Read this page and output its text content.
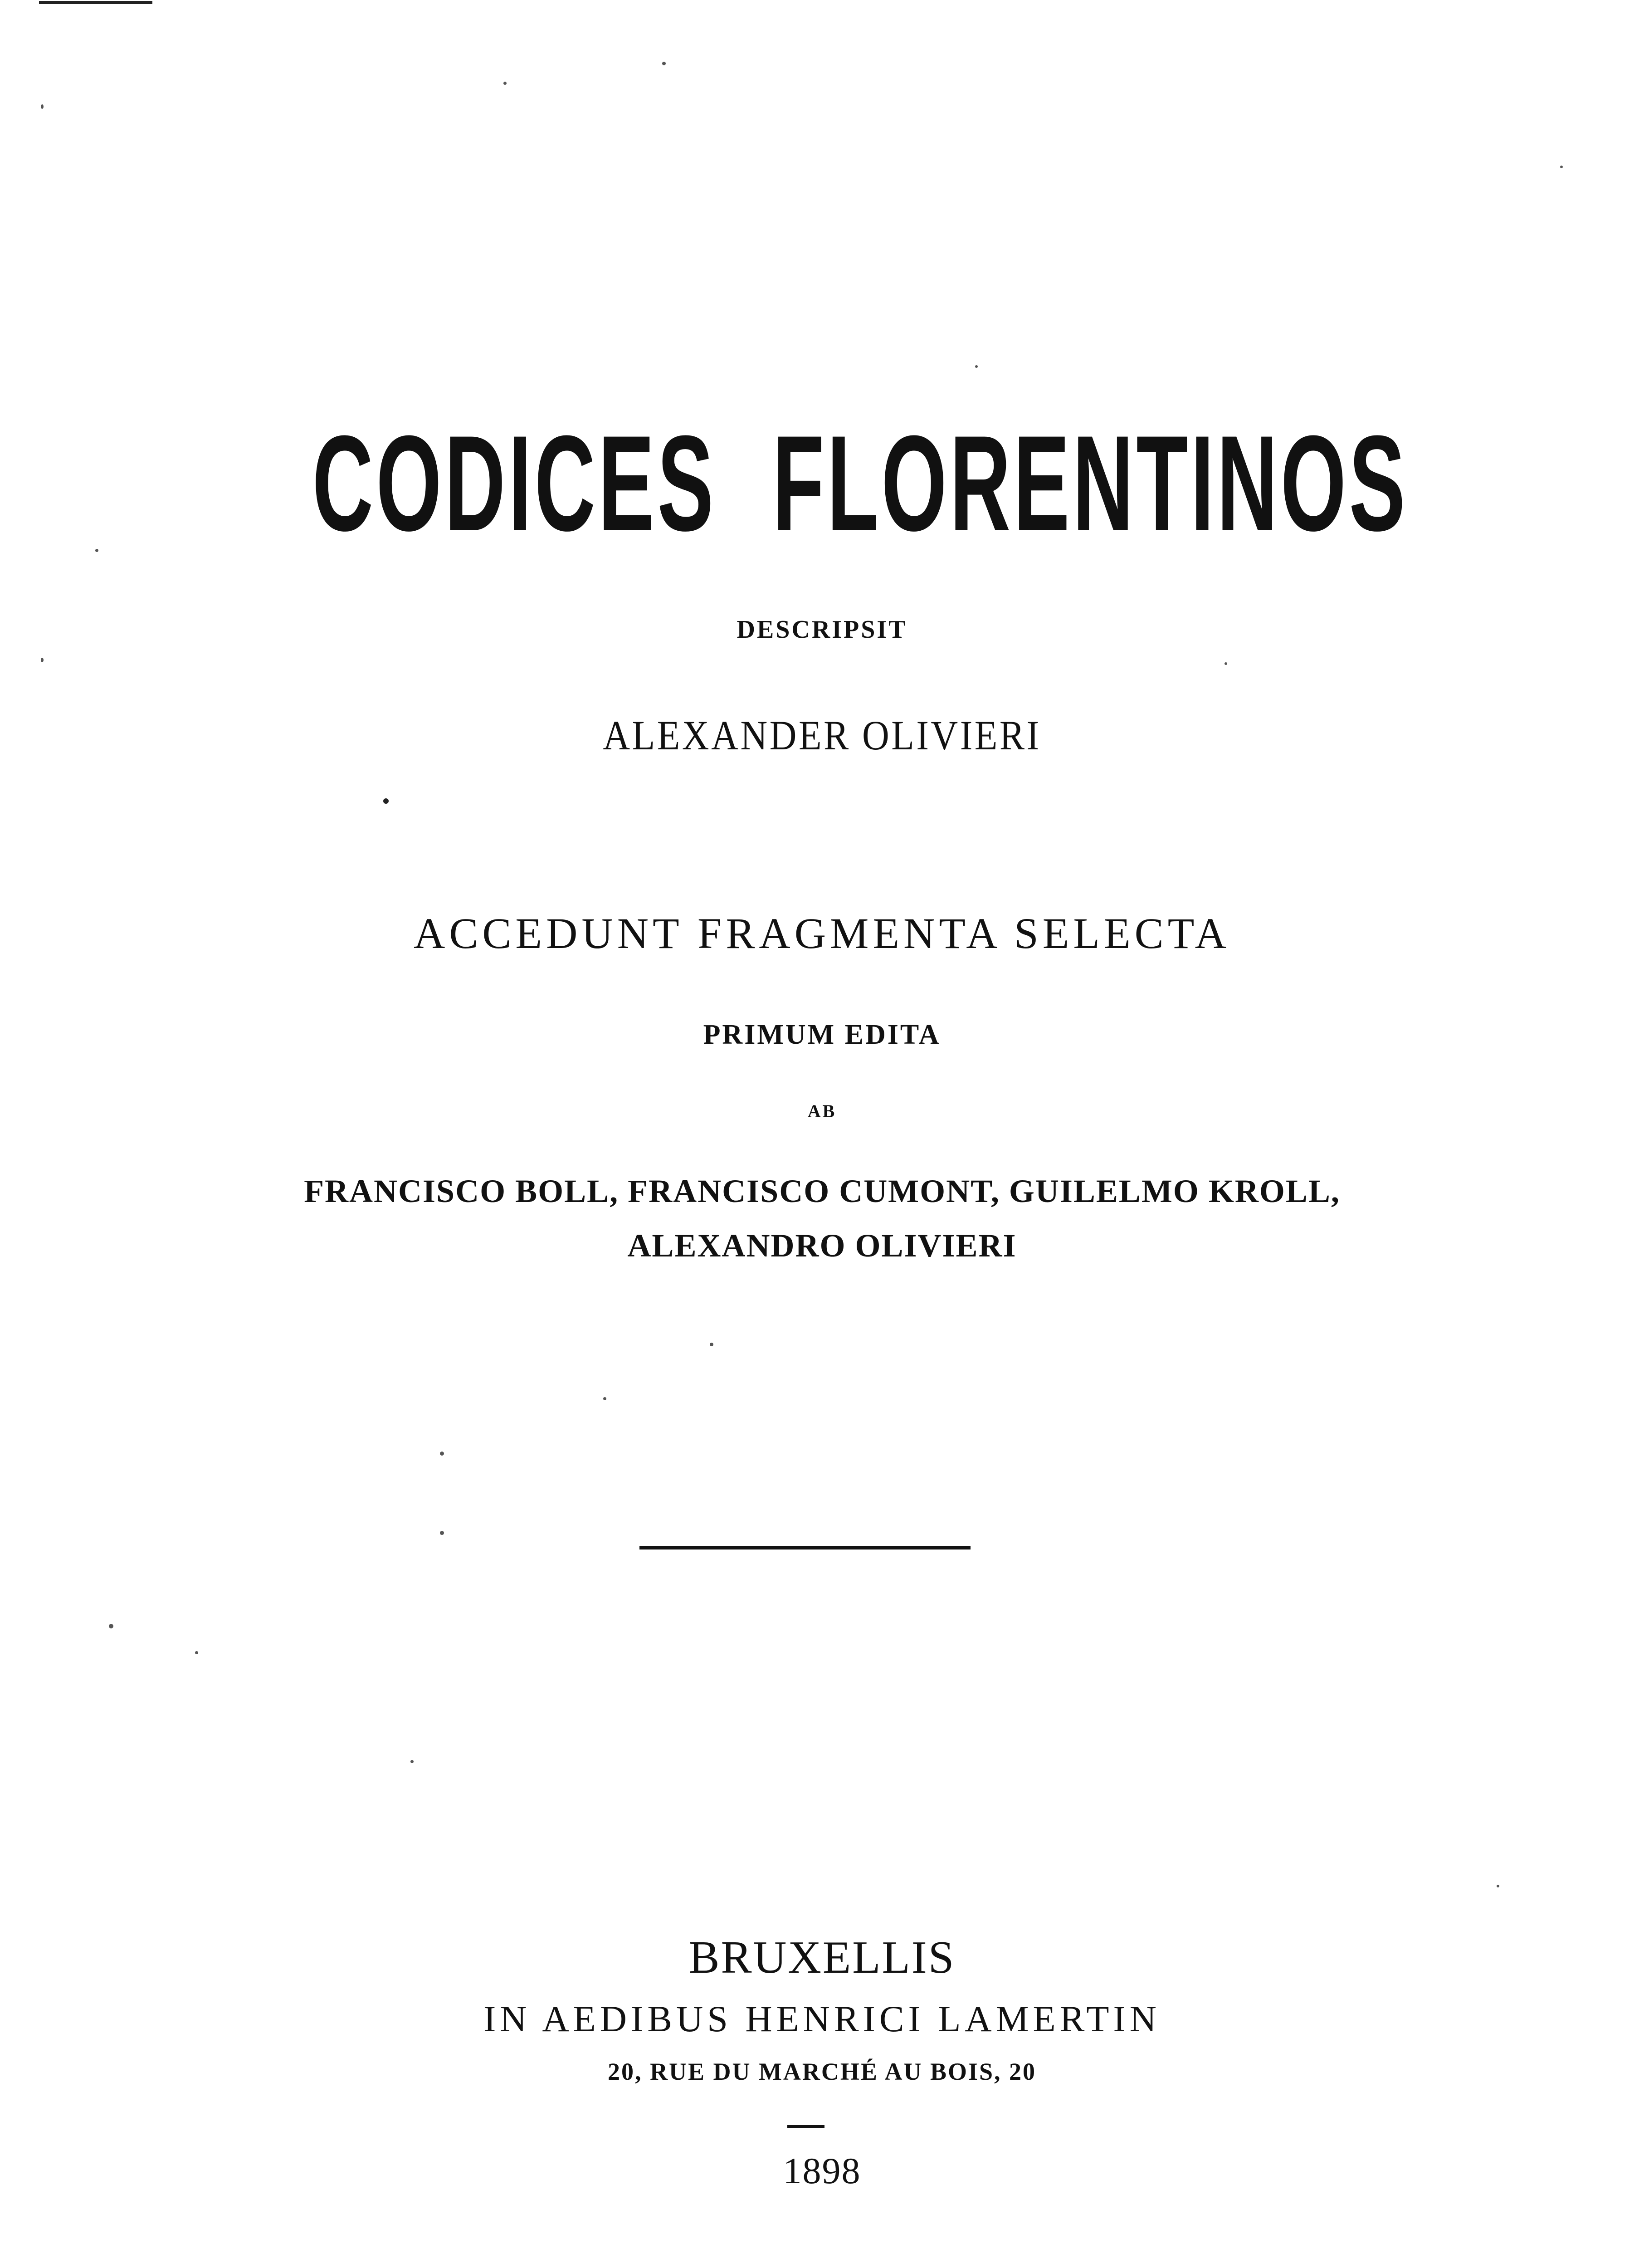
CODICES FLORENTINOS
DESCRIPSIT
ALEXANDER OLIVIERI
ACCEDUNT FRAGMENTA SELECTA
PRIMUM EDITA
AB
FRANCISCO BOLL, FRANCISCO CUMONT, GUILELMO KROLL,
ALEXANDRO OLIVIERI
BRUXELLIS
IN AEDIBUS HENRICI LAMERTIN
20, RUE DU MARCHÉ AU BOIS, 20
1898
